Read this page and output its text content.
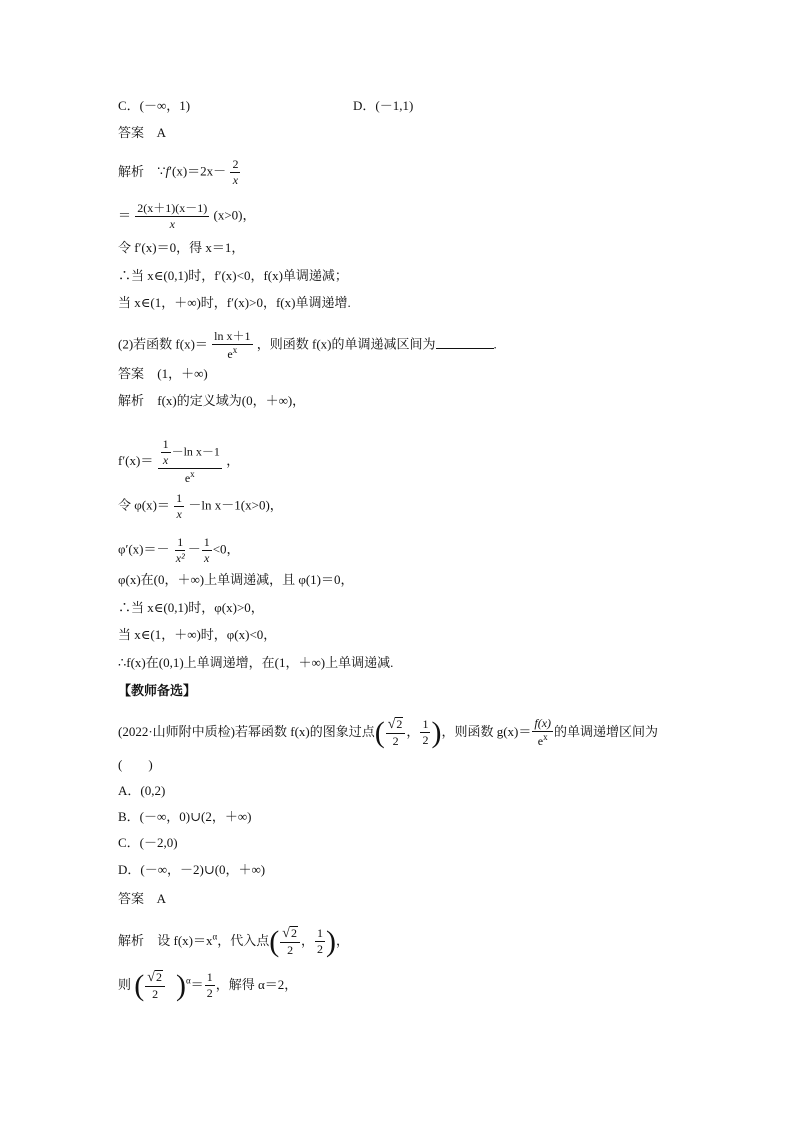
C．(－∞，1)	D．(－1,1)
答案 A
解析 ∵f′(x)＝2x－ $\frac{2}{x}$
＝ $\frac{2(x+1)(x-1)}{x} (x>0)$，
令 f′(x)＝0，得 x＝1，
∴当 x∈(0,1)时，f′(x)<0，f(x)单调递减；
当 x∈(1，＋∞)时，f′(x)>0，f(x)单调递增.
(2)若函数 $f(x)= \frac{\text{ln x＋1}}{e^x}$ ，则函数 f(x)的单调递减区间为	.
答案 (1，＋∞)
解析 f(x)的定义域为(0，＋∞)，
$f'(x)= \frac{\frac{1}{x} -\ln x-1}{e^x}$ ，
令 $\varphi(x)= \frac{1}{x} -\ln$ x－1(x>0)，
$\varphi'(x)=- \frac{1}{\text{x²}} - \frac{1}{x} <0$，
φ(x)在(0，＋∞)上单调递减，且 φ(1)＝0，
∴当 x∈(0,1)时，φ(x)>0，
当 x∈(1，＋∞)时，φ(x)<0，
∴f(x)在(0,1)上单调递增，在(1，＋∞)上单调递减.
【教师备选】
(2022·山师附中质检)若幂函数 f(x)的图象过点( $\frac{√ 2}{2}$ ， $\frac{1}{2}$ )，则函数 $g(x)= \frac{f(x)}{e^x}$ 的单调递增区间为
(　　)
A．(0,2)
B．(－∞，0)∪(2，＋∞)
C．(－2,0)
D．(－∞，－2)∪(0，＋∞)
答案 A
解析 设 $f(x)=x^\alpha$，代入点( $\frac{√ 2}{2}$ ， $\frac{1}{2}$ )，
则 ( $\frac{√ 2}{2} )^\alpha= \frac{1}{2}$ ，解得 α＝2，
